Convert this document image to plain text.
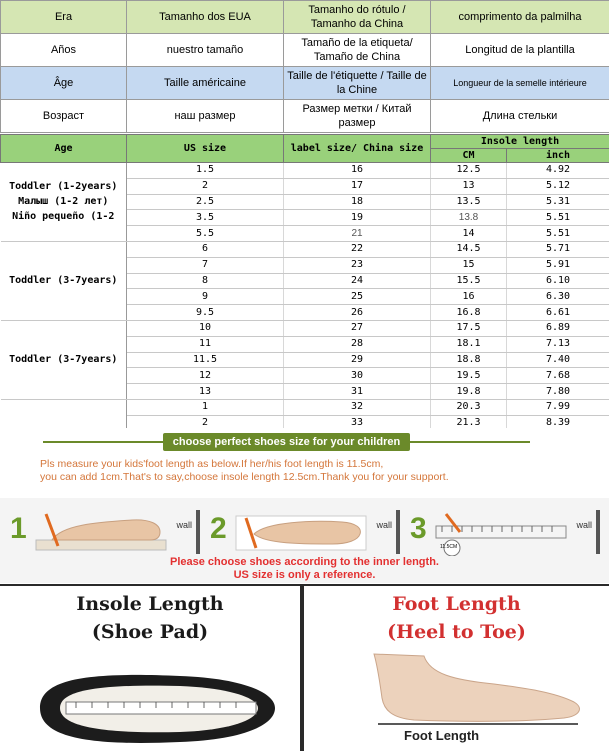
Era	Tamanho dos EUA	Tamanho do rótulo / Tamanho da China	comprimento da palmilha
Años	nuestro tamaño	Tamaño de la etiqueta/ Tamaño de China	Longitud de la plantilla
Âge	Taille américaine	Taille de l'étiquette / Taille de la Chine	Longueur de la semelle intérieure
Возраст	наш размер	Размер метки / Китай размер	Длина стельки
Age	US size	label size/ China size	Insole length	
			CM	inch

Toddler (1-2years)
Малыш (1-2 лет)
Niño pequeño (1-2	1.5	16	12.5	4.92
	2	17	13	5.12
	2.5	18	13.5	5.31
	3.5	19	13.8	5.51
	5.5	21	14	5.51

Toddler (3-7years)	6	22	14.5	5.71
	7	23	15	5.91
	8	24	15.5	6.10
	9	25	16	6.30
	9.5	26	16.8	6.61

Toddler (3-7years)	10	27	17.5	6.89
	11	28	18.1	7.13
	11.5	29	18.8	7.40
	12	30	19.5	7.68
	13	31	19.8	7.80
	1	32	20.3	7.99
	2	33	21.3	8.39
choose perfect shoes size for your children
Pls measure your kids'foot length as below.If her/his foot length is 11.5cm,
you can add 1cm.That's to say,choose insole length 12.5cm.Thank you for your support.
1	wall 2	wall 3
11.5CM
wall
Please choose shoes according to the inner length.
US size is only a reference.
Insole Length
(Shoe Pad)
Foot Length
(Heel to Toe)
Foot Length
